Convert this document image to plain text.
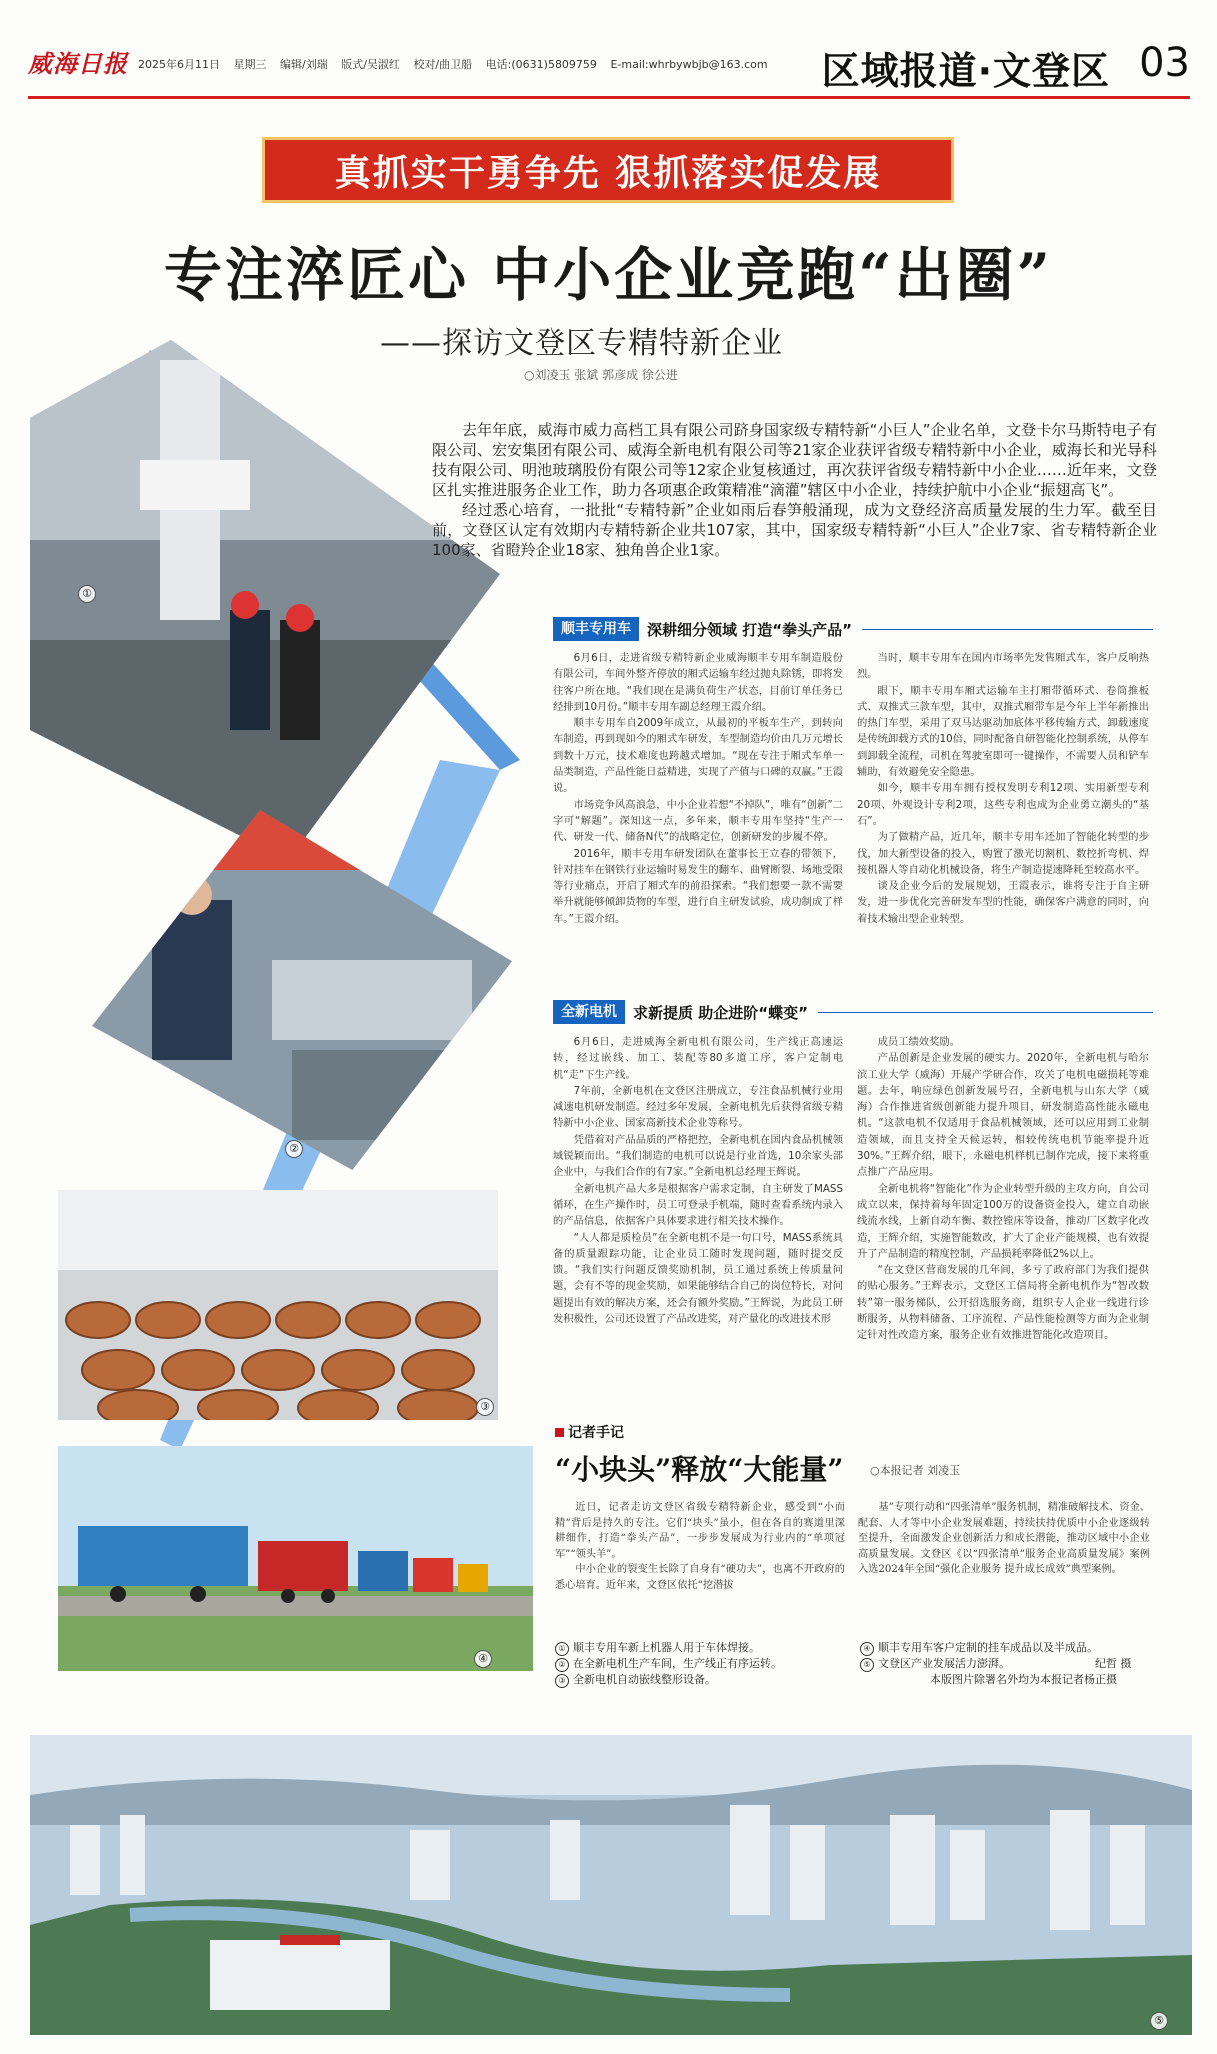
威海日报 2025年6月11日 星期三 编辑/刘瑞 版式/吴淑红 校对/曲卫船 电话:(0631)5809759 E-mail:whrbywbjb@163.com 区域报道·文登区 03
真抓实干勇争先 狠抓落实促发展
专注淬匠心 中小企业竞跑“出圈”
——探访文登区专精特新企业
○刘凌玉 张斌 郭彦成 徐公进
①
②
③
④
⑤

去年年底，威海市威力高档工具有限公司跻身国家级专精特新“小巨人”企业名单，文登卡尔马斯特电子有限公司、宏安集团有限公司、威海全新电机有限公司等21家企业获评省级专精特新中小企业，威海长和光导科技有限公司、明池玻璃股份有限公司等12家企业复核通过，再次获评省级专精特新中小企业……近年来，文登区扎实推进服务企业工作，助力各项惠企政策精准“滴灌”辖区中小企业，持续护航中小企业“振翅高飞”。

经过悉心培育，一批批“专精特新”企业如雨后春笋般涌现，成为文登经济高质量发展的生力军。截至目前，文登区认定有效期内专精特新企业共107家，其中，国家级专精特新“小巨人”企业7家、省专精特新企业100家、省瞪羚企业18家、独角兽企业1家。

顺丰专用车	深耕细分领域 打造“拳头产品”

6月6日，走进省级专精特新企业威海顺丰专用车制造股份有限公司，车间外整齐停放的厢式运输车经过抛丸除锈，即将发往客户所在地。“我们现在是满负荷生产状态，目前订单任务已经排到10月份。”顺丰专用车副总经理王霞介绍。

顺丰专用车自2009年成立，从最初的平板车生产，到转向车制造，再到现如今的厢式车研发，车型制造均价由几万元增长到数十万元，技术难度也跨越式增加。“现在专注于厢式车单一品类制造，产品性能日益精进，实现了产值与口碑的双赢。”王霞说。

市场竞争风高浪急，中小企业若想“不掉队”，唯有“创新”二字可“解题”。深知这一点，多年来，顺丰专用车坚持“生产一代、研发一代、储备N代”的战略定位，创新研发的步履不停。

2016年，顺丰专用车研发团队在董事长王立春的带领下，针对挂车在钢铁行业运输时易发生的翻车、曲臂断裂、场地受限等行业痛点，开启了厢式车的前沿探索。“我们想要一款不需要举升就能够倾卸货物的车型，进行自主研发试验，成功制成了样车。”王霞介绍。

当时，顺丰专用车在国内市场率先发售厢式车，客户反响热烈。

眼下，顺丰专用车厢式运输车主打厢带循环式、卷筒推板式、双推式三款车型，其中，双推式厢带车是今年上半年新推出的热门车型，采用了双马达驱动加底体平移传输方式，卸载速度是传统卸载方式的10倍，同时配备自研智能化控制系统，从停车到卸载全流程，司机在驾驶室即可一键操作，不需要人员和铲车辅助，有效避免安全隐患。

如今，顺丰专用车拥有授权发明专利12项、实用新型专利20项、外观设计专利2项，这些专利也成为企业勇立潮头的“基石”。

为了做精产品，近几年，顺丰专用车还加了智能化转型的步伐，加大新型设备的投入，购置了激光切割机、数控折弯机、焊接机器人等自动化机械设备，将生产制造提速降耗至较高水平。

谈及企业今后的发展规划，王霞表示，谁将专注于自主研发，进一步优化完善研发车型的性能，确保客户满意的同时，向着技术输出型企业转型。

全新电机	求新提质 助企进阶“蝶变”

6月6日，走进威海全新电机有限公司，生产线正高速运转，经过嵌线、加工、装配等80多道工序，客户定制电机“走”下生产线。

7年前，全新电机在文登区注册成立，专注食品机械行业用减速电机研发制造。经过多年发展，全新电机先后获得省级专精特新中小企业、国家高新技术企业等称号。

凭借着对产品品质的严格把控，全新电机在国内食品机械领域锐颖而出。“我们制造的电机可以说是行业首选，10余家头部企业中，与我们合作的有7家。”全新电机总经理王辉说。

全新电机产品大多是根据客户需求定制，自主研发了MASS循环，在生产操作时，员工可登录手机端，随时查看系统内录入的产品信息，依据客户具体要求进行相关技术操作。

“人人都是质检员”在全新电机不是一句口号，MASS系统具备的质量跟踪功能，让企业员工随时发现问题，随时提交反馈。“我们实行问题反馈奖励机制，员工通过系统上传质量问题，会有不等的现金奖励，如果能够结合自己的岗位特长，对问题提出有效的解决方案，还会有额外奖励。”王辉说，为此员工研发积极性，公司还设置了产品改进奖，对产量化的改进技术形

成员工绩效奖励。

产品创新是企业发展的硬实力。2020年，全新电机与哈尔滨工业大学（威海）开展产学研合作，攻关了电机电磁损耗等难题。去年，响应绿色创新发展号召，全新电机与山东大学（威海）合作推进省级创新能力提升项目，研发制造高性能永磁电机。“这款电机不仅适用于食品机械领域，还可以应用到工业制造领域，而且支持全天候运转，相较传统电机节能率提升近30%。”王辉介绍，眼下，永磁电机样机已制作完成，接下来将重点推广产品应用。

全新电机将“智能化”作为企业转型升级的主攻方向，自公司成立以来，保持着每年固定100万的设备资金投入，建立自动嵌线流水线，上新自动车衡、数控镗床等设备，推动厂区数字化改造，王辉介绍，实施智能数改，扩大了企业产能规模，也有效提升了产品制造的精度控制，产品损耗率降低2%以上。

“在文登区营商发展的几年间，多亏了政府部门为我们提供的贴心服务。”王辉表示，文登区工信局将全新电机作为“智改数转”第一服务梯队，公开招选服务商，组织专人企业一线进行诊断服务，从物料储备、工序流程、产品性能检测等方面为企业制定针对性改造方案，服务企业有效推进智能化改造项目。

记者手记
“小块头”释放“大能量” ○本报记者 刘凌玉

近日，记者走访文登区省级专精特新企业，感受到“小而精”背后是持久的专注。它们“块头”虽小，但在各自的赛道里深耕细作，打造“拳头产品”，一步步发展成为行业内的“单项冠军”“领头羊”。

中小企业的裂变生长除了自身有“硬功夫”，也离不开政府的悉心培育。近年来，文登区依托“挖潜拔

基”专项行动和“四张清单”服务机制，精准破解技术、资金、配套、人才等中小企业发展难题，持续扶持优质中小企业逐级转至提升，全面激发企业创新活力和成长潜能，推动区域中小企业高质量发展。文登区《以“四张清单”服务企业高质量发展》案例入选2024年全国“强化企业服务 提升成长成效”典型案例。

① 顺丰专用车新上机器人用于车体焊接。
② 在全新电机生产车间，生产线正有序运转。
③ 全新电机自动嵌线整形设备。
④ 顺丰专用车客户定制的挂车成品以及半成品。
⑤ 文登区产业发展活力澎湃。	纪哲 摄
本版图片除署名外均为本报记者杨正摄
